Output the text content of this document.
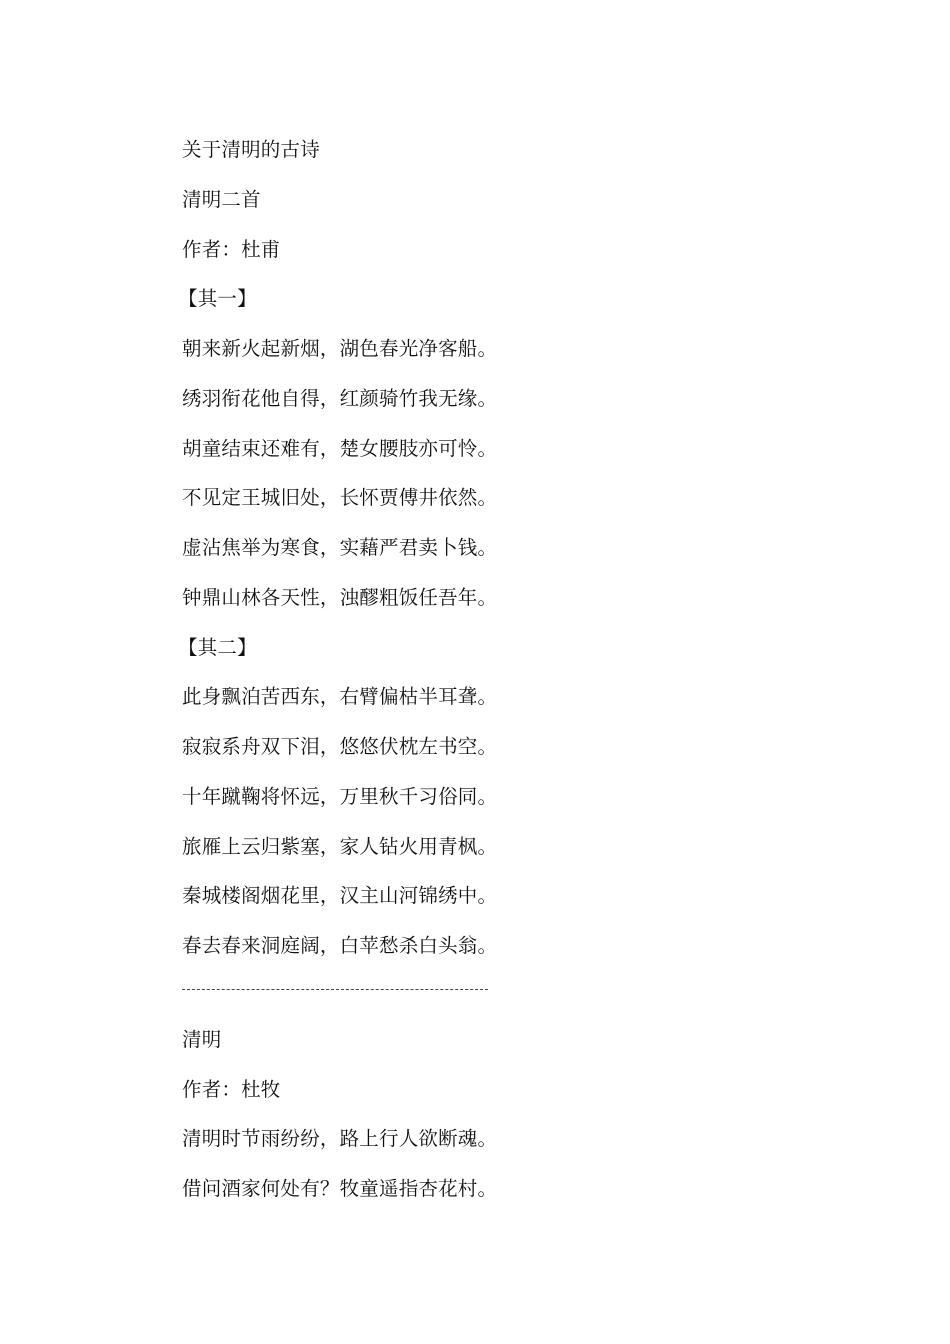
关于清明的古诗
清明二首
作者：杜甫
【其一】
朝来新火起新烟，湖色春光净客船。
绣羽衔花他自得，红颜骑竹我无缘。
胡童结束还难有，楚女腰肢亦可怜。
不见定王城旧处，长怀贾傅井依然。
虚沾焦举为寒食，实藉严君卖卜钱。
钟鼎山林各天性，浊醪粗饭任吾年。
【其二】
此身飘泊苦西东，右臂偏枯半耳聋。
寂寂系舟双下泪，悠悠伏枕左书空。
十年蹴鞠将怀远，万里秋千习俗同。
旅雁上云归紫塞，家人钻火用青枫。
秦城楼阁烟花里，汉主山河锦绣中。
春去春来洞庭阔，白苹愁杀白头翁。
清明
作者：杜牧
清明时节雨纷纷，路上行人欲断魂。
借问酒家何处有？牧童遥指杏花村。
